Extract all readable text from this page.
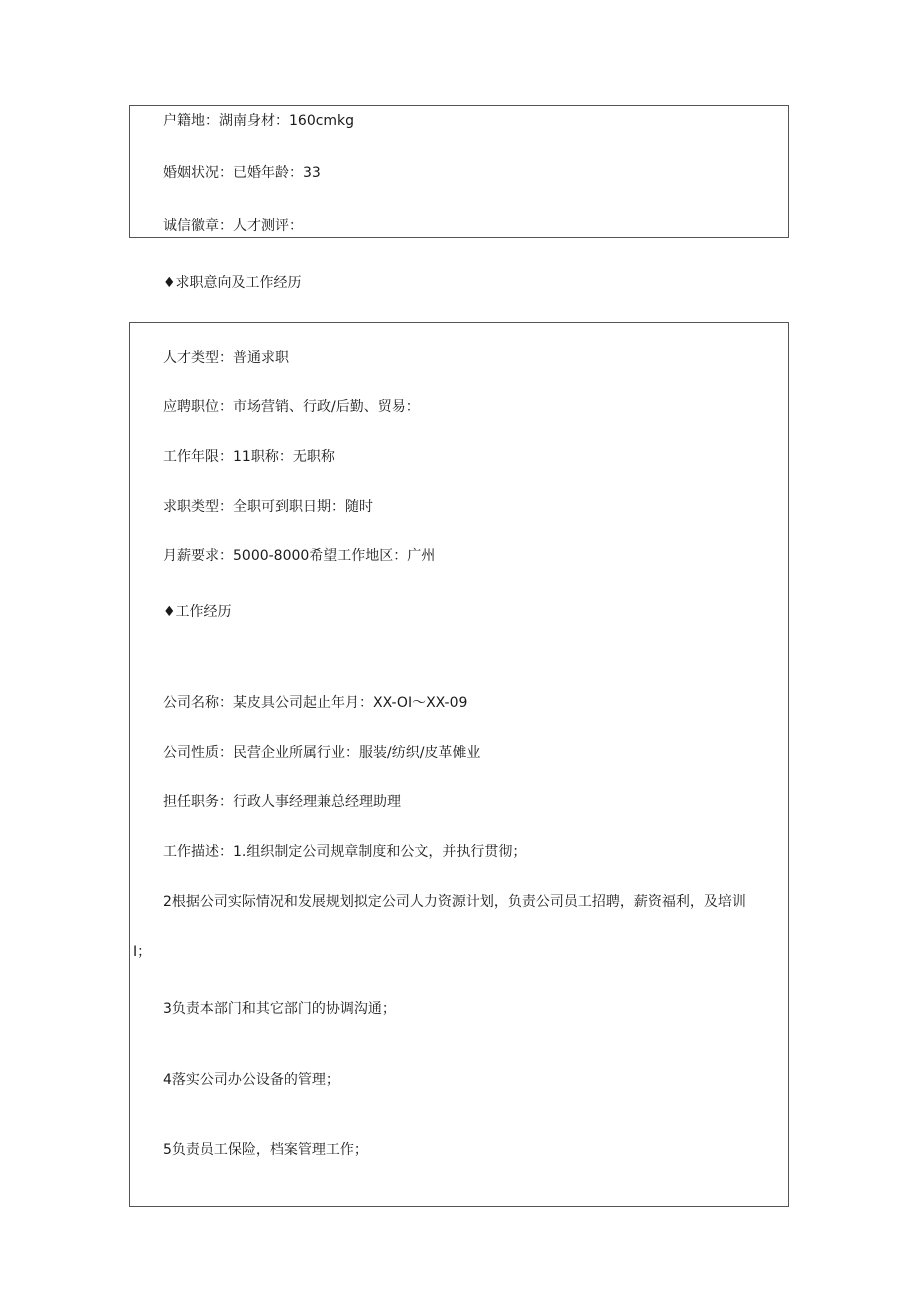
户籍地：湖南身材：160cmkg

婚姻状况：已婚年龄：33

诚信徽章：人才测评：

♦求职意向及工作经历

人才类型：普通求职

应聘职位：市场营销、行政/后勤、贸易：

工作年限：11职称：无职称

求职类型：全职可到职日期：随时

月薪要求：5000-8000希望工作地区：广州

♦工作经历

公司名称：某皮具公司起止年月：XX-OI～XX-09

公司性质：民营企业所属行业：服装/纺织/皮革傩业

担任职务：行政人事经理兼总经理助理

工作描述：1.组织制定公司规章制度和公文，并执行贯彻；

2根据公司实际情况和发展规划拟定公司人力资源计划，负责公司员工招聘，薪资福利，及培训

I；

3负责本部门和其它部门的协调沟通；

4落实公司办公设备的管理；

5负责员工保险，档案管理工作；
